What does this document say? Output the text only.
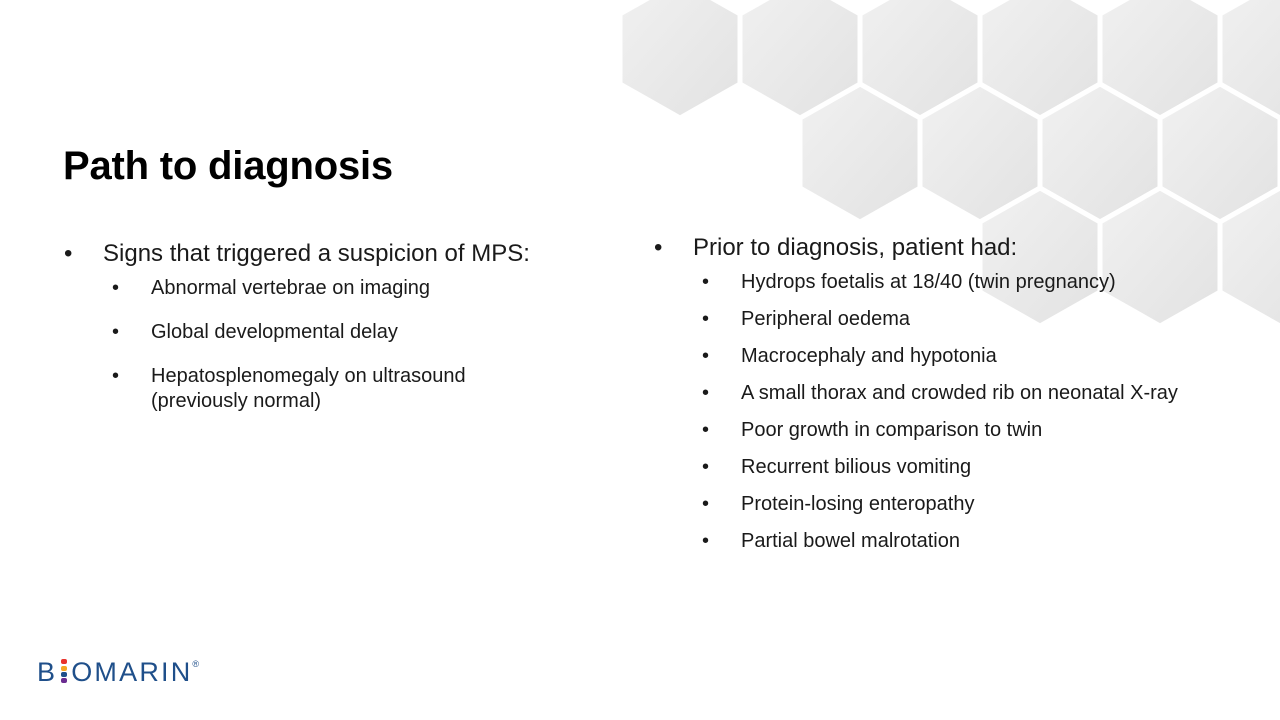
Path to diagnosis
• Signs that triggered a suspicion of MPS:
• Abnormal vertebrae on imaging
• Global developmental delay
• Hepatosplenomegaly on ultrasound (previously normal)
• Prior to diagnosis, patient had:
• Hydrops foetalis at 18/40 (twin pregnancy)
• Peripheral oedema
• Macrocephaly and hypotonia
• A small thorax and crowded rib on neonatal X-ray
• Poor growth in comparison to twin
• Recurrent bilious vomiting
• Protein-losing enteropathy
• Partial bowel malrotation
B OMARIN®
